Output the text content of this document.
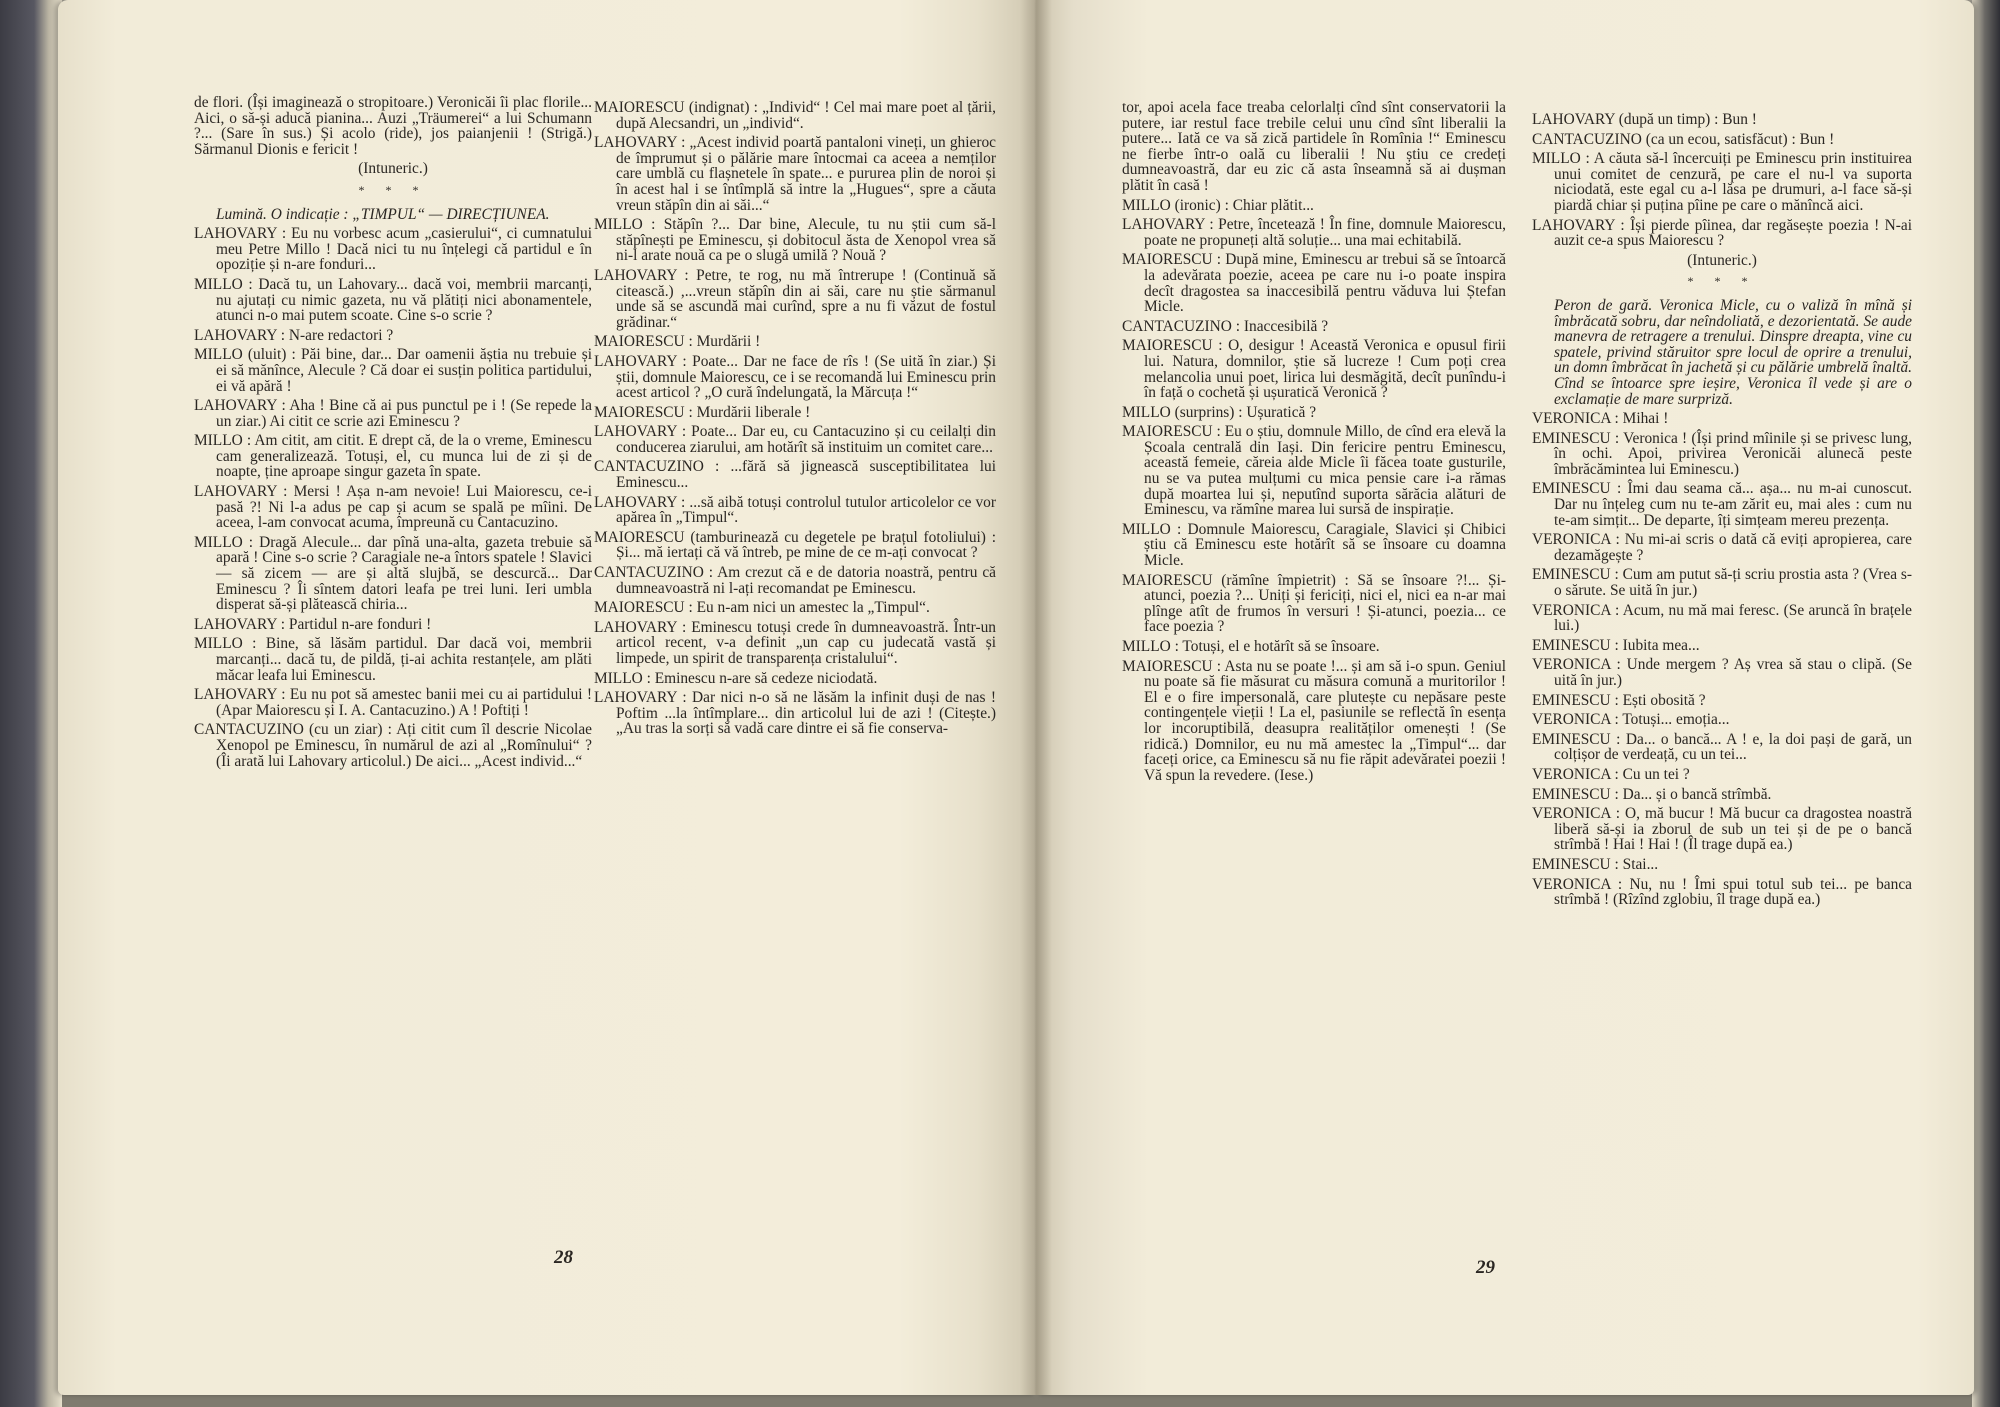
de flori. (Își imaginează o stropitoare.) Veronicăi îi plac florile... Aici, o să-și aducă pianina... Auzi „Träumerei“ a lui Schumann ?... (Sare în sus.) Și acolo (ride), jos paianjenii ! (Strigă.) Sărmanul Dionis e fericit !

(Intuneric.)

* * *

Lumină. O indicație : „TIMPUL“ — DIRECȚIUNEA.

LAHOVARY : Eu nu vorbesc acum „casierului“, ci cumnatului meu Petre Millo ! Dacă nici tu nu înțelegi că partidul e în opoziție și n-are fonduri...

MILLO : Dacă tu, un Lahovary... dacă voi, membrii marcanți, nu ajutați cu nimic gazeta, nu vă plătiți nici abonamentele, atunci n-o mai putem scoate. Cine s-o scrie ?

LAHOVARY : N-are redactori ?

MILLO (uluit) : Păi bine, dar... Dar oamenii ăștia nu trebuie și ei să mănînce, Alecule ? Că doar ei susțin politica partidului, ei vă apără !

LAHOVARY : Aha ! Bine că ai pus punctul pe i ! (Se repede la un ziar.) Ai citit ce scrie azi Eminescu ?

MILLO : Am citit, am citit. E drept că, de la o vreme, Eminescu cam generalizează. Totuși, el, cu munca lui de zi și de noapte, ține aproape singur gazeta în spate.

LAHOVARY : Mersi ! Așa n-am nevoie! Lui Maiorescu, ce-i pasă ?! Ni l-a adus pe cap și acum se spală pe mîini. De aceea, l-am convocat acuma, împreună cu Cantacuzino.

MILLO : Dragă Alecule... dar pînă una-alta, gazeta trebuie să apară ! Cine s-o scrie ? Caragiale ne-a întors spatele ! Slavici — să zicem — are și altă slujbă, se descurcă... Dar Eminescu ? Îi sîntem datori leafa pe trei luni. Ieri umbla disperat să-și plătească chiria...

LAHOVARY : Partidul n-are fonduri !

MILLO : Bine, să lăsăm partidul. Dar dacă voi, membrii marcanți... dacă tu, de pildă, ți-ai achita restanțele, am plăti măcar leafa lui Eminescu.

LAHOVARY : Eu nu pot să amestec banii mei cu ai partidului ! (Apar Maiorescu și I. A. Cantacuzino.) A ! Poftiți !

CANTACUZINO (cu un ziar) : Ați citit cum îl descrie Nicolae Xenopol pe Eminescu, în numărul de azi al „Romînului“ ? (Îi arată lui Lahovary articolul.) De aici... „Acest individ...“

MAIORESCU (indignat) : „Individ“ ! Cel mai mare poet al țării, după Alecsandri, un „individ“.

LAHOVARY : „Acest individ poartă pantaloni vineți, un ghieroc de împrumut și o pălărie mare întocmai ca aceea a nemților care umblă cu flașnetele în spate... e pururea plin de noroi și în acest hal i se întîmplă să intre la „Hugues“, spre a căuta vreun stăpîn din ai săi...“

MILLO : Stăpîn ?... Dar bine, Alecule, tu nu știi cum să-l stăpînești pe Eminescu, și dobitocul ăsta de Xenopol vrea să ni-l arate nouă ca pe o slugă umilă ? Nouă ?

LAHOVARY : Petre, te rog, nu mă întrerupe ! (Continuă să citească.) ,...vreun stăpîn din ai săi, care nu știe sărmanul unde să se ascundă mai curînd, spre a nu fi văzut de fostul grădinar.“

MAIORESCU : Murdării !

LAHOVARY : Poate... Dar ne face de rîs ! (Se uită în ziar.) Și știi, domnule Maiorescu, ce i se recomandă lui Eminescu prin acest articol ? „O cură îndelungată, la Mărcuța !“

MAIORESCU : Murdării liberale !

LAHOVARY : Poate... Dar eu, cu Cantacuzino și cu ceilalți din conducerea ziarului, am hotărît să instituim un comitet care...

CANTACUZINO : ...fără să jignească susceptibilitatea lui Eminescu...

LAHOVARY : ...să aibă totuși controlul tutulor articolelor ce vor apărea în „Timpul“.

MAIORESCU (tamburinează cu degetele pe brațul fotoliului) : Și... mă iertați că vă întreb, pe mine de ce m-ați convocat ?

CANTACUZINO : Am crezut că e de datoria noastră, pentru că dumneavoastră ni l-ați recomandat pe Eminescu.

MAIORESCU : Eu n-am nici un amestec la „Timpul“.

LAHOVARY : Eminescu totuși crede în dumneavoastră. Într-un articol recent, v-a definit „un cap cu judecată vastă și limpede, un spirit de transparența cristalului“.

MILLO : Eminescu n-are să cedeze niciodată.

LAHOVARY : Dar nici n-o să ne lăsăm la infinit duși de nas ! Poftim ...la întîmplare... din articolul lui de azi ! (Citește.) „Au tras la sorți să vadă care dintre ei să fie conserva-

28

tor, apoi acela face treaba celorlalți cînd sînt conservatorii la putere, iar restul face trebile celui unu cînd sînt liberalii la putere... Iată ce va să zică partidele în Romînia !“ Eminescu ne fierbe într-o oală cu liberalii ! Nu știu ce credeți dumneavoastră, dar eu zic că asta înseamnă să ai dușman plătit în casă !

MILLO (ironic) : Chiar plătit...

LAHOVARY : Petre, încetează ! În fine, domnule Maiorescu, poate ne propuneți altă soluție... una mai echitabilă.

MAIORESCU : După mine, Eminescu ar trebui să se întoarcă la adevărata poezie, aceea pe care nu i-o poate inspira decît dragostea sa inaccesibilă pentru văduva lui Ștefan Micle.

CANTACUZINO : Inaccesibilă ?

MAIORESCU : O, desigur ! Această Veronica e opusul firii lui. Natura, domnilor, știe să lucreze ! Cum poți crea melancolia unui poet, lirica lui desmăgită, decît punîndu-i în față o cochetă și ușuratică Veronică ?

MILLO (surprins) : Ușuratică ?

MAIORESCU : Eu o știu, domnule Millo, de cînd era elevă la Școala centrală din Iași. Din fericire pentru Eminescu, această femeie, căreia alde Micle îi făcea toate gusturile, nu se va putea mulțumi cu mica pensie care i-a rămas după moartea lui și, neputînd suporta sărăcia alături de Eminescu, va rămîne marea lui sursă de inspirație.

MILLO : Domnule Maiorescu, Caragiale, Slavici și Chibici știu că Eminescu este hotărît să se însoare cu doamna Micle.

MAIORESCU (rămîne împietrit) : Să se însoare ?!... Și-atunci, poezia ?... Uniți și fericiți, nici el, nici ea n-ar mai plînge atît de frumos în versuri ! Și-atunci, poezia... ce face poezia ?

MILLO : Totuși, el e hotărît să se însoare.

MAIORESCU : Asta nu se poate !... și am să i-o spun. Geniul nu poate să fie măsurat cu măsura comună a muritorilor ! El e o fire impersonală, care plutește cu nepăsare peste contingențele vieții ! La el, pasiunile se reflectă în esența lor incoruptibilă, deasupra realităților omenești ! (Se ridică.) Domnilor, eu nu mă amestec la „Timpul“... dar faceți orice, ca Eminescu să nu fie răpit adevăratei poezii ! Vă spun la revedere. (Iese.)

LAHOVARY (după un timp) : Bun !

CANTACUZINO (ca un ecou, satisfăcut) : Bun !

MILLO : A căuta să-l încercuiți pe Eminescu prin instituirea unui comitet de cenzură, pe care el nu-l va suporta niciodată, este egal cu a-l lăsa pe drumuri, a-l face să-și piardă chiar și puțina pîine pe care o mănîncă aici.

LAHOVARY : Își pierde pîinea, dar regăsește poezia ! N-ai auzit ce-a spus Maiorescu ?

(Intuneric.)

* * *

Peron de gară. Veronica Micle, cu o valiză în mînă și îmbrăcată sobru, dar neîndoliată, e dezorientată. Se aude manevra de retragere a trenului. Dinspre dreapta, vine cu spatele, privind stăruitor spre locul de oprire a trenului, un domn îmbrăcat în jachetă și cu pălărie umbrelă înaltă. Cînd se întoarce spre ieșire, Veronica îl vede și are o exclamație de mare surpriză.

VERONICA : Mihai !

EMINESCU : Veronica ! (Își prind mîinile și se privesc lung, în ochi. Apoi, privirea Veronicăi alunecă peste îmbrăcămintea lui Eminescu.)

EMINESCU : Îmi dau seama că... așa... nu m-ai cunoscut. Dar nu înțeleg cum nu te-am zărit eu, mai ales : cum nu te-am simțit... De departe, îți simțeam mereu prezența.

VERONICA : Nu mi-ai scris o dată că eviți apropierea, care dezamăgește ?

EMINESCU : Cum am putut să-ți scriu prostia asta ? (Vrea s-o sărute. Se uită în jur.)

VERONICA : Acum, nu mă mai feresc. (Se aruncă în brațele lui.)

EMINESCU : Iubita mea...

VERONICA : Unde mergem ? Aș vrea să stau o clipă. (Se uită în jur.)

EMINESCU : Ești obosită ?

VERONICA : Totuși... emoția...

EMINESCU : Da... o bancă... A ! e, la doi pași de gară, un colțișor de verdeață, cu un tei...

VERONICA : Cu un tei ?

EMINESCU : Da... și o bancă strîmbă.

VERONICA : O, mă bucur ! Mă bucur ca dragostea noastră liberă să-și ia zborul de sub un tei și de pe o bancă strîmbă ! Hai ! Hai ! (Îl trage după ea.)

EMINESCU : Stai...

VERONICA : Nu, nu ! Îmi spui totul sub tei... pe banca strîmbă ! (Rîzînd zglobiu, îl trage după ea.)

29
